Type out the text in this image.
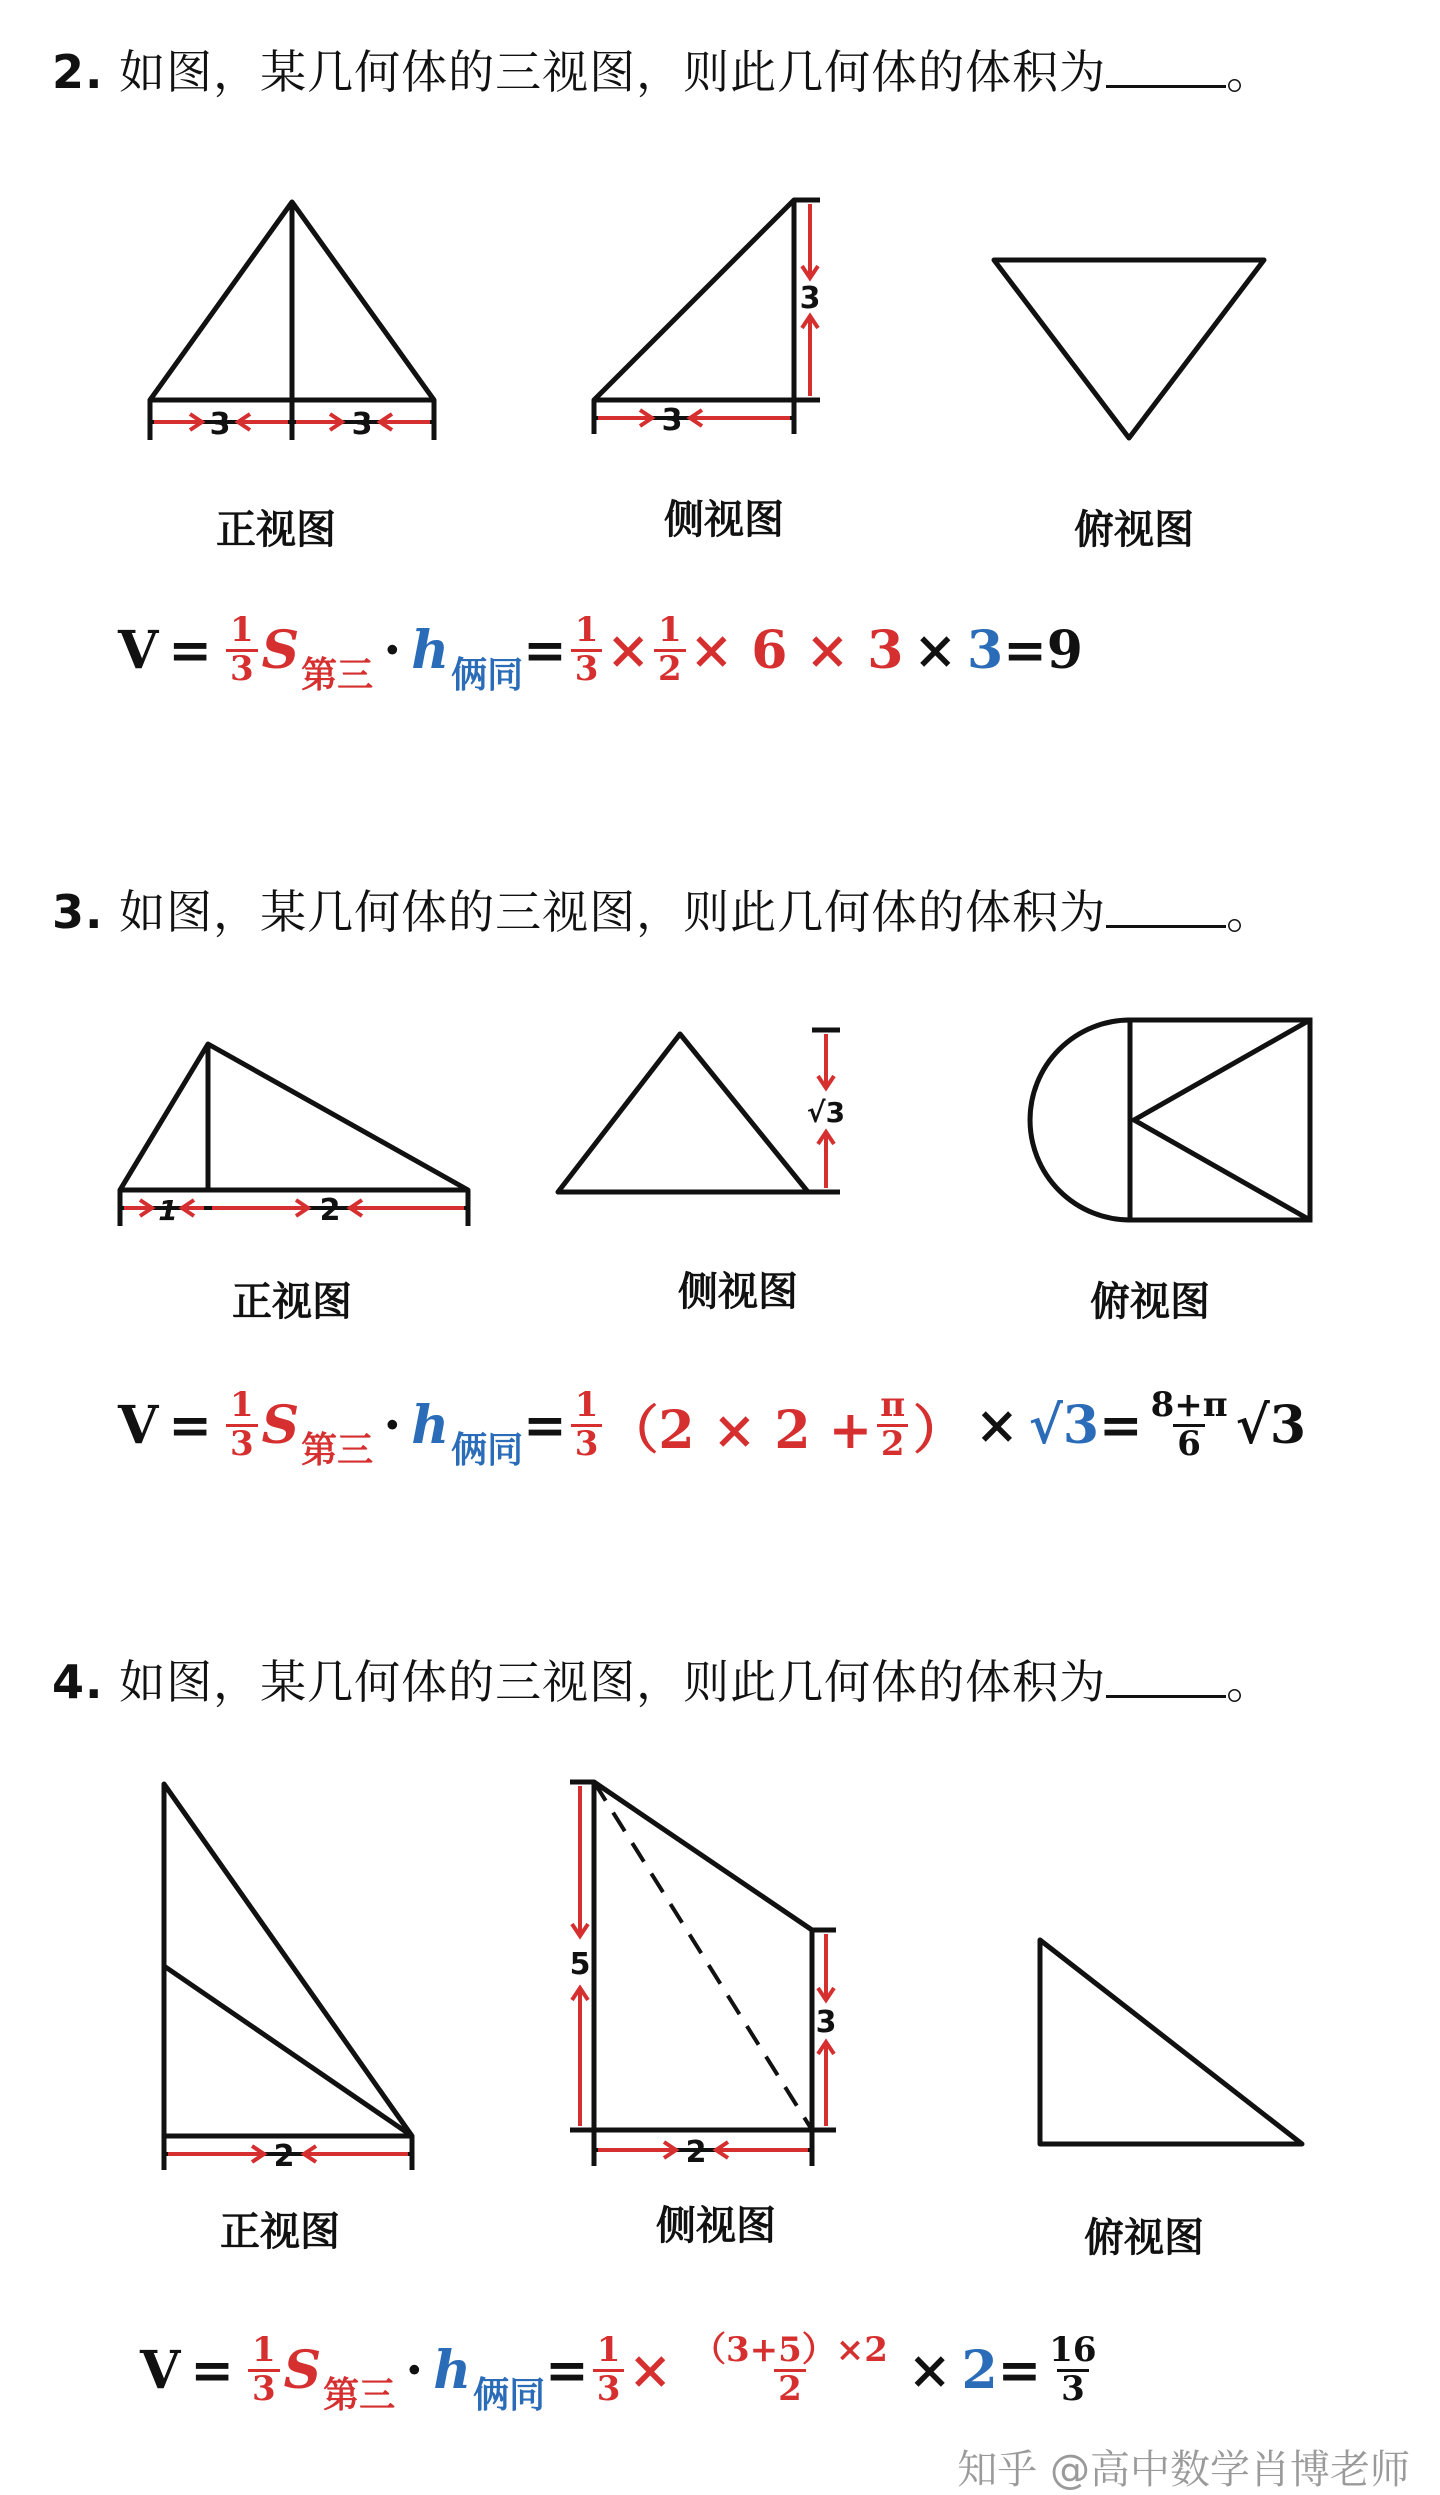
2. 如图，某几何体的三视图，则此几何体的体积为	。
3	3
正视图
3
3
侧视图	俯视图
$V = \frac{1}{3}$ S 第三 · h 俩同 = $\frac{1}{3} \times \frac{1}{2} \times 6 \times 3 \times 3 =9$
3. 如图，某几何体的三视图，则此几何体的体积为	。
1	2
正视图
√3
侧视图	俯视图
$V = \frac{1}{3}$ S 第三 · h 俩同 = $\frac{1}{3} (2 \times 2 + \frac{\pi}{2}$ ） × $√3 = \frac{8+\pi}{6} √3$
4. 如图，某几何体的三视图，则此几何体的体积为	。
2
正视图
5
3
2
侧视图	俯视图
$V = \frac{1}{3}$ S 第三 · h 俩同 = $\frac{1}{3} \times \frac{(3+5)\times 2}{2} \times 2 = \frac{16}{3}$
知乎 @高中数学肖博老师
